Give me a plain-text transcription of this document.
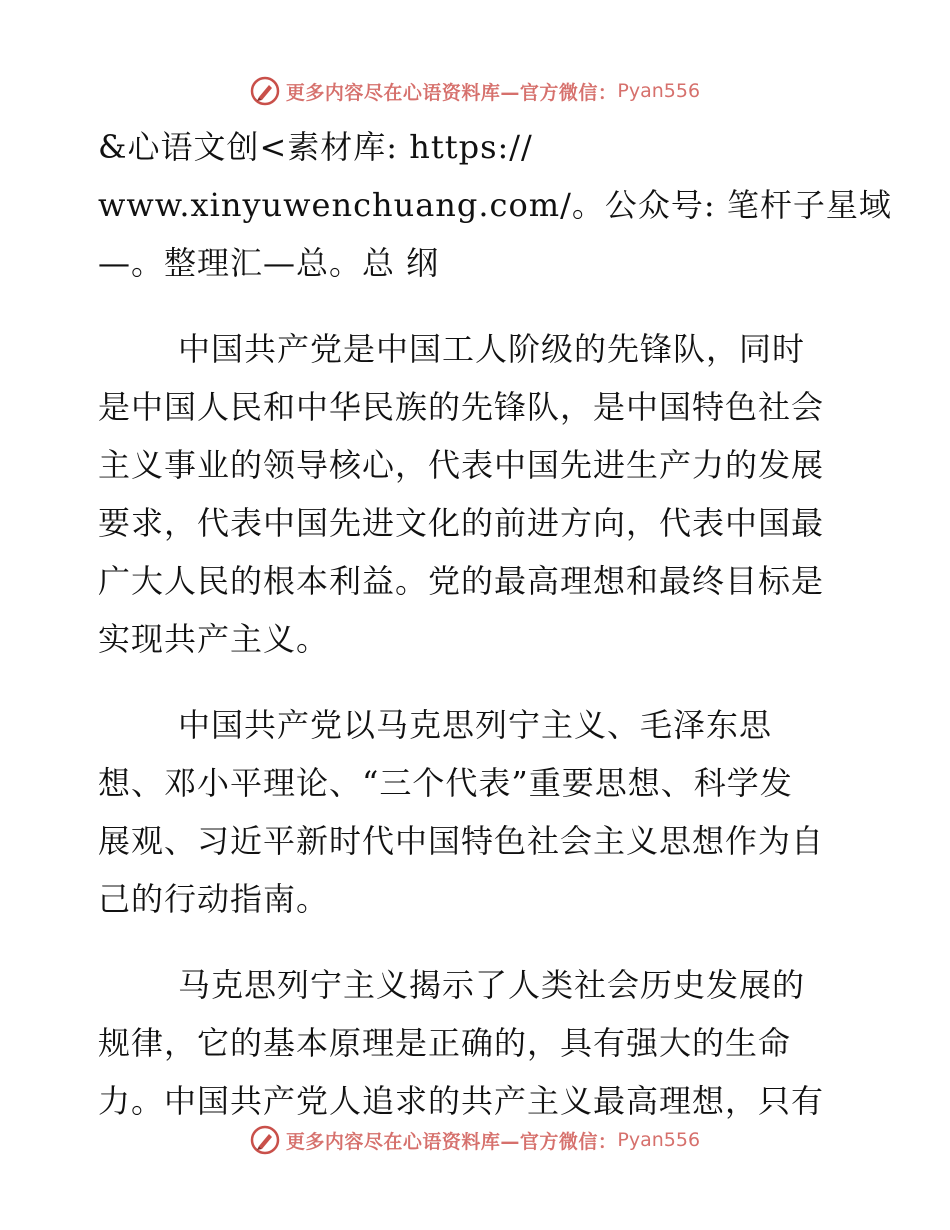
更多内容尽在心语资料库—官方微信： Pyan556
&心语文创<素材库: https://
www.xinyuwenchuang.com/。公众号: 笔杆子星域
—。整理汇—总。总 纲
中国共产党是中国工人阶级的先锋队，同时
是中国人民和中华民族的先锋队，是中国特色社会
主义事业的领导核心，代表中国先进生产力的发展
要求，代表中国先进文化的前进方向，代表中国最
广大人民的根本利益。党的最高理想和最终目标是
实现共产主义。
中国共产党以马克思列宁主义、毛泽东思
想、邓小平理论、“三个代表”重要思想、科学发
展观、习近平新时代中国特色社会主义思想作为自
己的行动指南。
马克思列宁主义揭示了人类社会历史发展的
规律，它的基本原理是正确的，具有强大的生命
力。中国共产党人追求的共产主义最高理想，只有
更多内容尽在心语资料库—官方微信： Pyan556
